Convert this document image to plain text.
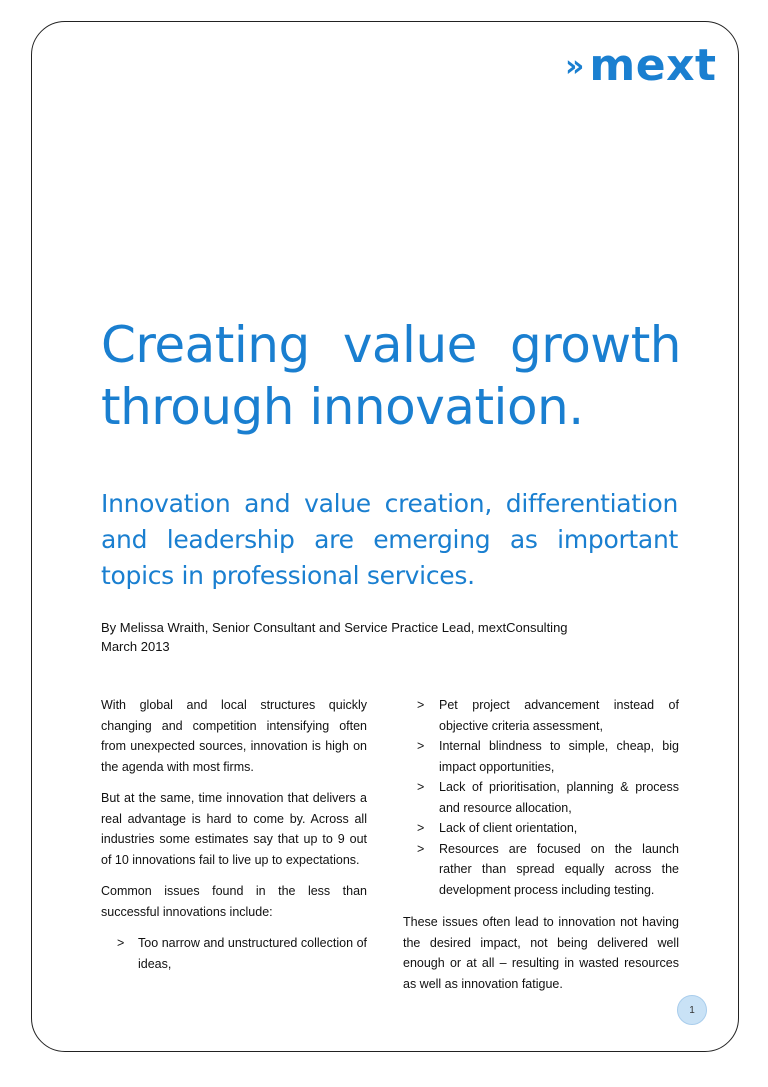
» mext
Creating value growth through innovation.
Innovation and value creation, differentiation and leadership are emerging as important topics in professional services.
By Melissa Wraith, Senior Consultant and Service Practice Lead, mextConsulting
March 2013

With global and local structures quickly changing and competition intensifying often from unexpected sources, innovation is high on the agenda with most firms.

But at the same, time innovation that delivers a real advantage is hard to come by. Across all industries some estimates say that up to 9 out of 10 innovations fail to live up to expectations.

Common issues found in the less than successful innovations include:

> Too narrow and unstructured collection of ideas,
> Pet project advancement instead of objective criteria assessment,
> Internal blindness to simple, cheap, big impact opportunities,
> Lack of prioritisation, planning & process and resource allocation,
> Lack of client orientation,
> Resources are focused on the launch rather than spread equally across the development process including testing.

These issues often lead to innovation not having the desired impact, not being delivered well enough or at all – resulting in wasted resources as well as innovation fatigue.

1
